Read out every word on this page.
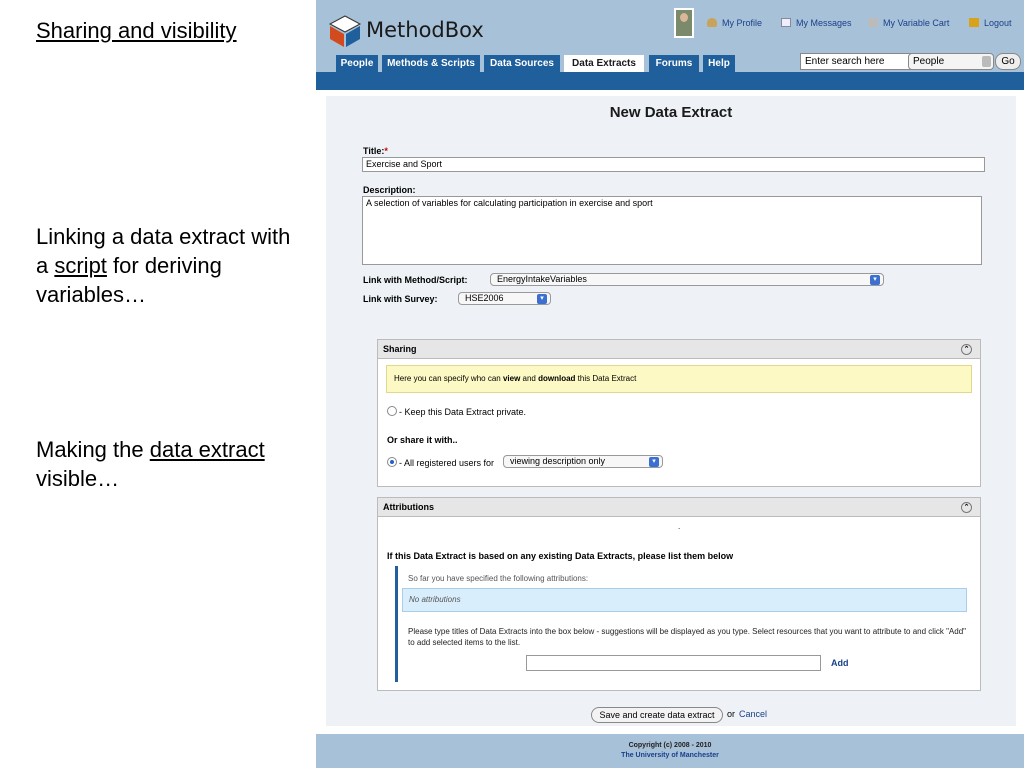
Sharing and visibility
Linking a data extract with a script for deriving variables…
Making the data extract visible…
MethodBox	My Profile	My Messages	My Variable Cart	Logout
People	Methods & Scripts	Data Sources	Data Extracts	Forums	Help	Enter search here	People	Go
New Data Extract
Title:*
Exercise and Sport
Description:
A selection of variables for calculating participation in exercise and sport
Link with Method/Script:	EnergyIntakeVariables	▾
Link with Survey:	HSE2006	▾
Sharing	⌃
Here you can specify who can view and download this Data Extract
- Keep this Data Extract private.
Or share it with..
- All registered users for	viewing description only	▾
Attributions	⌃
.
If this Data Extract is based on any existing Data Extracts, please list them below
So far you have specified the following attributions:
No attributions
Please type titles of Data Extracts into the box below - suggestions will be displayed as you type. Select resources that you want to attribute to and click "Add" to add selected items to the list.
Add
Save and create data extract	or Cancel
Copyright (c) 2008 - 2010
The University of Manchester
